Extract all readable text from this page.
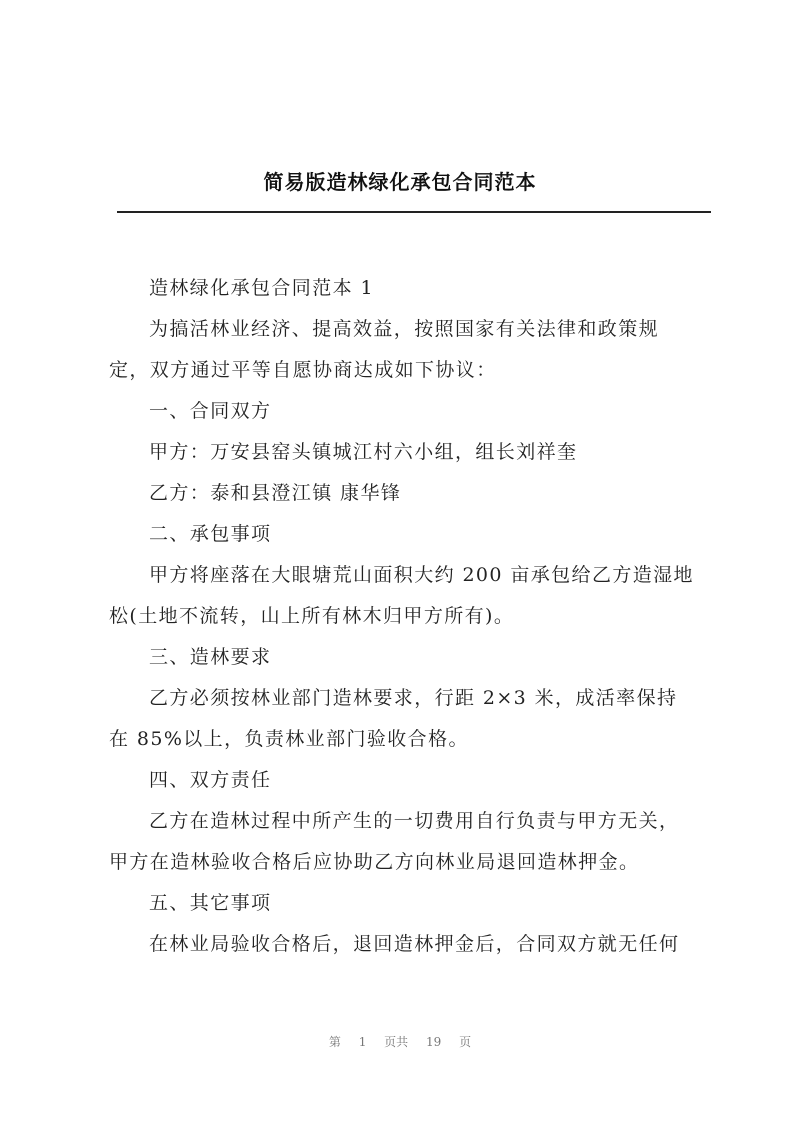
简易版造林绿化承包合同范本
造林绿化承包合同范本 1
为搞活林业经济、提高效益，按照国家有关法律和政策规
定，双方通过平等自愿协商达成如下协议：
一、合同双方
甲方：万安县窑头镇城江村六小组，组长刘祥奎
乙方：泰和县澄江镇 康华锋
二、承包事项
甲方将座落在大眼塘荒山面积大约 200 亩承包给乙方造湿地
松(土地不流转，山上所有林木归甲方所有)。
三、造林要求
乙方必须按林业部门造林要求，行距 2×3 米，成活率保持
在 85%以上，负责林业部门验收合格。
四、双方责任
乙方在造林过程中所产生的一切费用自行负责与甲方无关，
甲方在造林验收合格后应协助乙方向林业局退回造林押金。
五、其它事项
在林业局验收合格后，退回造林押金后，合同双方就无任何
第 1 页共 19 页
